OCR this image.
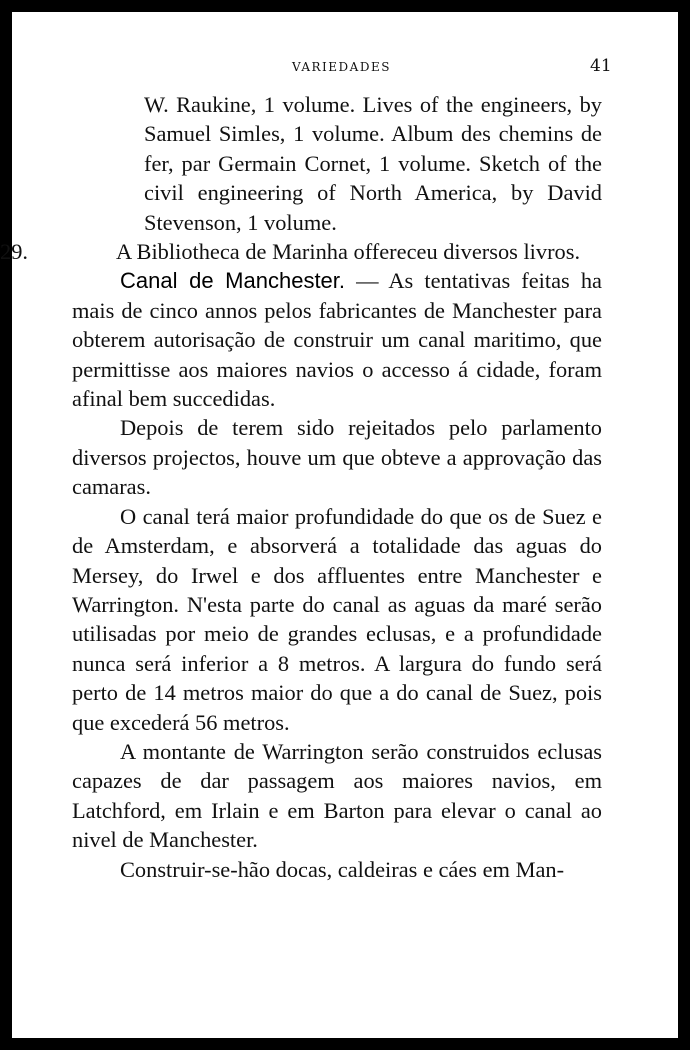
VARIEDADES	41

W. Raukine, 1 volume. Lives of the engineers, by Samuel Simles, 1 volume. Album des chemins de fer, par Germain Cornet, 1 volume. Sketch of the civil engineering of North America, by David Stevenson, 1 volume.

29.	A Bibliotheca de Marinha offereceu diversos livros.

Canal de Manchester. — As tentativas feitas ha mais de cinco annos pelos fabricantes de Manchester para obterem autorisação de construir um canal maritimo, que permittisse aos maiores navios o accesso á cidade, foram afinal bem succedidas.

Depois de terem sido rejeitados pelo parlamento diversos projectos, houve um que obteve a approvação das camaras.

O canal terá maior profundidade do que os de Suez e de Amsterdam, e absorverá a totalidade das aguas do Mersey, do Irwel e dos affluentes entre Manchester e Warrington. N'esta parte do canal as aguas da maré serão utilisadas por meio de grandes eclusas, e a profundidade nunca será inferior a 8 metros. A largura do fundo será perto de 14 metros maior do que a do canal de Suez, pois que excederá 56 metros.

A montante de Warrington serão construidos eclusas capazes de dar passagem aos maiores navios, em Latchford, em Irlain e em Barton para elevar o canal ao nivel de Manchester.

Construir-se-hão docas, caldeiras e cáes em Man-
